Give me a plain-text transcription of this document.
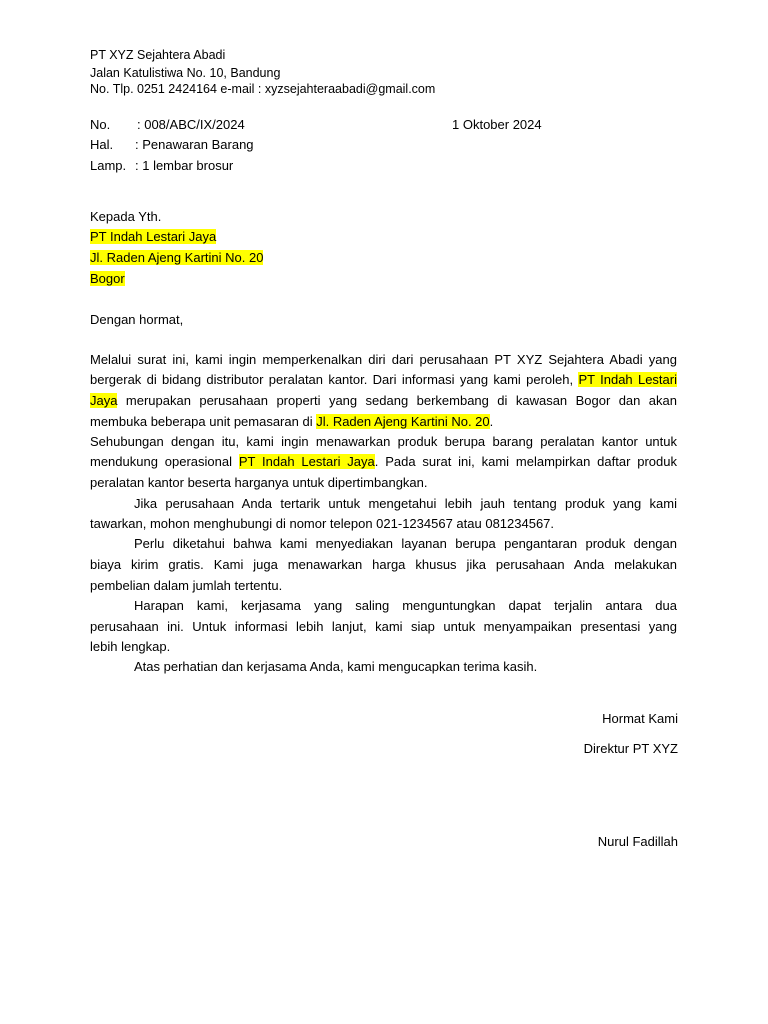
PT XYZ Sejahtera Abadi
Jalan Katulistiwa No. 10, Bandung
No. Tlp. 0251 2424164 e-mail : xyzsejahteraabadi@gmail.com
No. : 008/ABC/IX/2024	1 Oktober 2024
Hal. : Penawaran Barang
Lamp. : 1 lembar brosur
Kepada Yth.
PT Indah Lestari Jaya
Jl. Raden Ajeng Kartini No. 20
Bogor
Dengan hormat,
Melalui surat ini, kami ingin memperkenalkan diri dari perusahaan PT XYZ Sejahtera Abadi yang
bergerak di bidang distributor peralatan kantor. Dari informasi yang kami peroleh, PT Indah Lestari
Jaya merupakan perusahaan properti yang sedang berkembang di kawasan Bogor dan akan
membuka beberapa unit pemasaran di Jl. Raden Ajeng Kartini No. 20.
Sehubungan dengan itu, kami ingin menawarkan produk berupa barang peralatan kantor untuk
mendukung operasional PT Indah Lestari Jaya. Pada surat ini, kami melampirkan daftar produk
peralatan kantor beserta harganya untuk dipertimbangkan.
Jika perusahaan Anda tertarik untuk mengetahui lebih jauh tentang produk yang kami
tawarkan, mohon menghubungi di nomor telepon 021-1234567 atau 081234567.
Perlu diketahui bahwa kami menyediakan layanan berupa pengantaran produk dengan
biaya kirim gratis. Kami juga menawarkan harga khusus jika perusahaan Anda melakukan
pembelian dalam jumlah tertentu.
Harapan kami, kerjasama yang saling menguntungkan dapat terjalin antara dua
perusahaan ini. Untuk informasi lebih lanjut, kami siap untuk menyampaikan presentasi yang
lebih lengkap.
Atas perhatian dan kerjasama Anda, kami mengucapkan terima kasih.
Hormat Kami
Direktur PT XYZ
Nurul Fadillah
